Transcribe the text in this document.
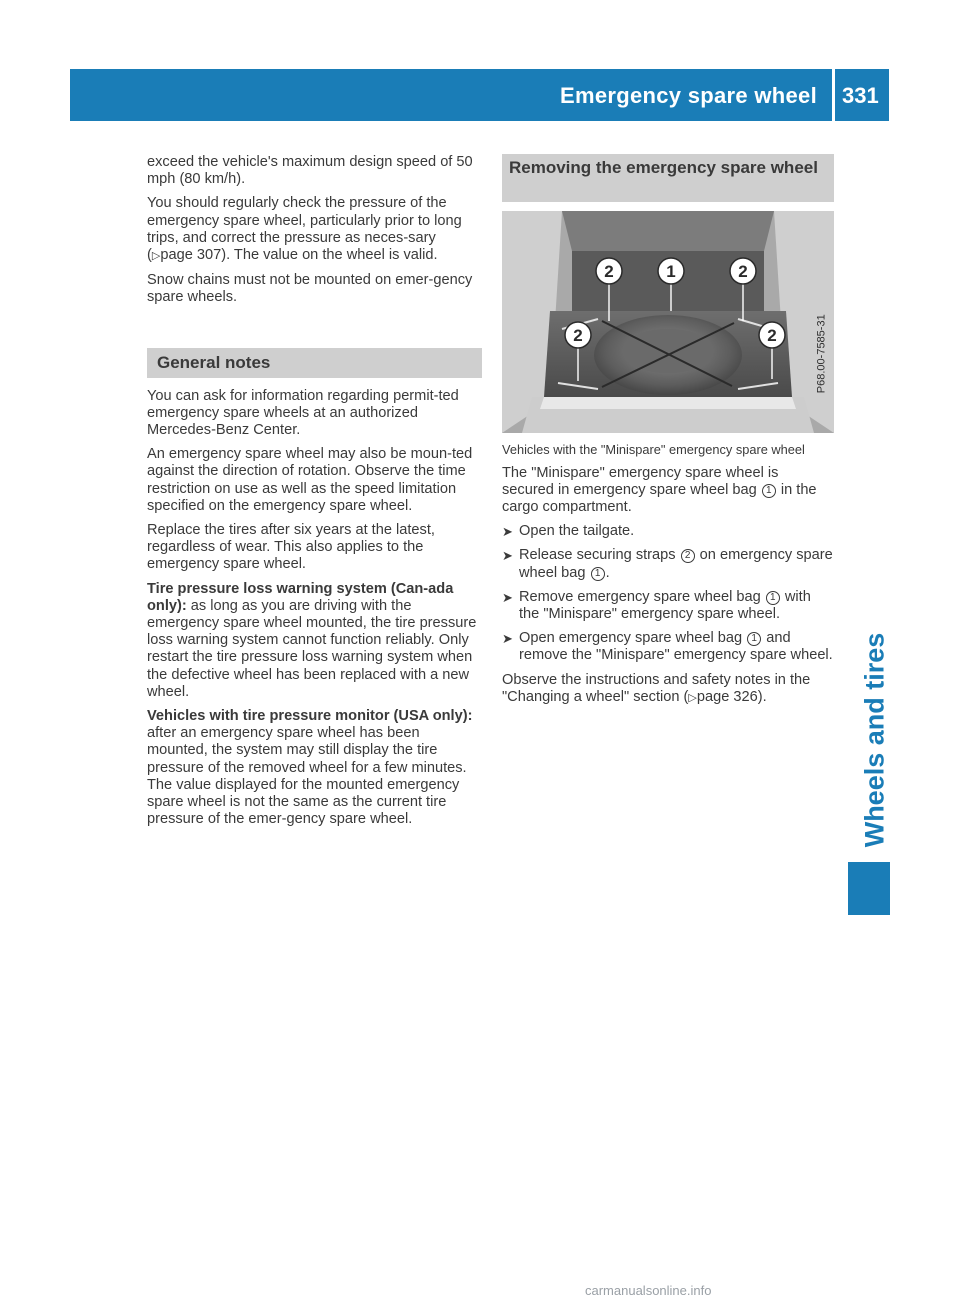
Emergency spare wheel 331
Wheels and tires

exceed the vehicle's maximum design speed of 50 mph (80 km/h).

You should regularly check the pressure of the emergency spare wheel, particularly prior to long trips, and correct the pressure as neces-sary (▷page 307). The value on the wheel is valid.

Snow chains must not be mounted on emer-gency spare wheels.

General notes

You can ask for information regarding permit-ted emergency spare wheels at an authorized Mercedes-Benz Center.

An emergency spare wheel may also be moun-ted against the direction of rotation. Observe the time restriction on use as well as the speed limitation specified on the emergency spare wheel.

Replace the tires after six years at the latest, regardless of wear. This also applies to the emergency spare wheel.

Tire pressure loss warning system (Can-ada only): as long as you are driving with the emergency spare wheel mounted, the tire pressure loss warning system cannot function reliably. Only restart the tire pressure loss warning system when the defective wheel has been replaced with a new wheel.

Vehicles with tire pressure monitor (USA only): after an emergency spare wheel has been mounted, the system may still display the tire pressure of the removed wheel for a few minutes. The value displayed for the mounted emergency spare wheel is not the same as the current tire pressure of the emer-gency spare wheel.

Removing the emergency spare wheel
2	1	2
2	2	P68.00-7585-31

Vehicles with the "Minispare" emergency spare wheel

The "Minispare" emergency spare wheel is secured in emergency spare wheel bag 1 in the cargo compartment.

➤ Open the tailgate.
➤ Release securing straps 2 on emergency spare wheel bag 1 .
➤ Remove emergency spare wheel bag 1 with the "Minispare" emergency spare wheel.
➤ Open emergency spare wheel bag 1 and remove the "Minispare" emergency spare wheel.

Observe the instructions and safety notes in the "Changing a wheel" section (▷page 326).

carmanualsonline.info
